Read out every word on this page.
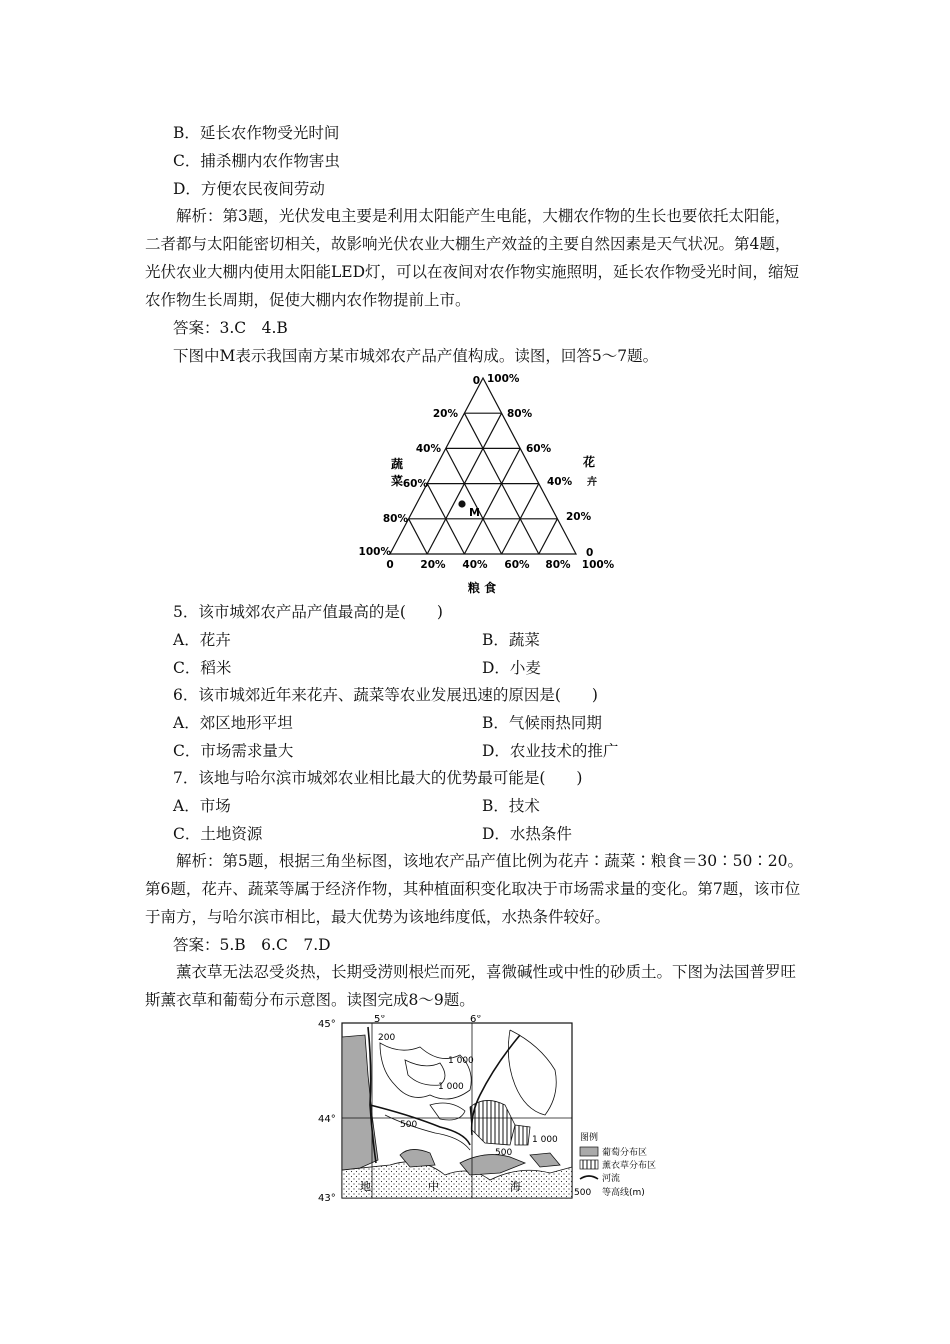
B．延长农作物受光时间
C．捕杀棚内农作物害虫
D．方便农民夜间劳动
解析：第3题，光伏发电主要是利用太阳能产生电能，大棚农作物的生长也要依托太阳能，二者都与太阳能密切相关，故影响光伏农业大棚生产效益的主要自然因素是天气状况。第4题，光伏农业大棚内使用太阳能LED灯，可以在夜间对农作物实施照明，延长农作物受光时间，缩短农作物生长周期，促使大棚内农作物提前上市。
答案：3.C　4.B
下图中M表示我国南方某市城郊农产品产值构成。读图，回答5～7题。
M
0
20%
40%
60%
80%
100%
100%
80%
60%
40%
20%
0
0	20% 40% 60% 80% 100%
蔬
菜
花
卉
粮 食
5．该市城郊农产品产值最高的是(　　)
A．花卉	B．蔬菜
C．稻米	D．小麦
6．该市城郊近年来花卉、蔬菜等农业发展迅速的原因是(　　)
A．郊区地形平坦	B．气候雨热同期
C．市场需求量大	D．农业技术的推广
7．该地与哈尔滨市城郊农业相比最大的优势最可能是(　　)
A．市场	B．技术
C．土地资源	D．水热条件
解析：第5题，根据三角坐标图，该地农产品产值比例为花卉∶蔬菜∶粮食＝30∶50∶20。第6题，花卉、蔬菜等属于经济作物，其种植面积变化取决于市场需求量的变化。第7题，该市位于南方，与哈尔滨市相比，最大优势为该地纬度低，水热条件较好。
答案：5.B　6.C　7.D
薰衣草无法忍受炎热，长期受涝则根烂而死，喜微碱性或中性的砂质土。下图为法国普罗旺斯薰衣草和葡萄分布示意图。读图完成8～9题。
45°
44°
43°
5°	6°
200
1 000
1 000
500
500
1 000
地	中	海
图例
葡萄分布区
薰衣草分布区
河流
500 等高线(m)
